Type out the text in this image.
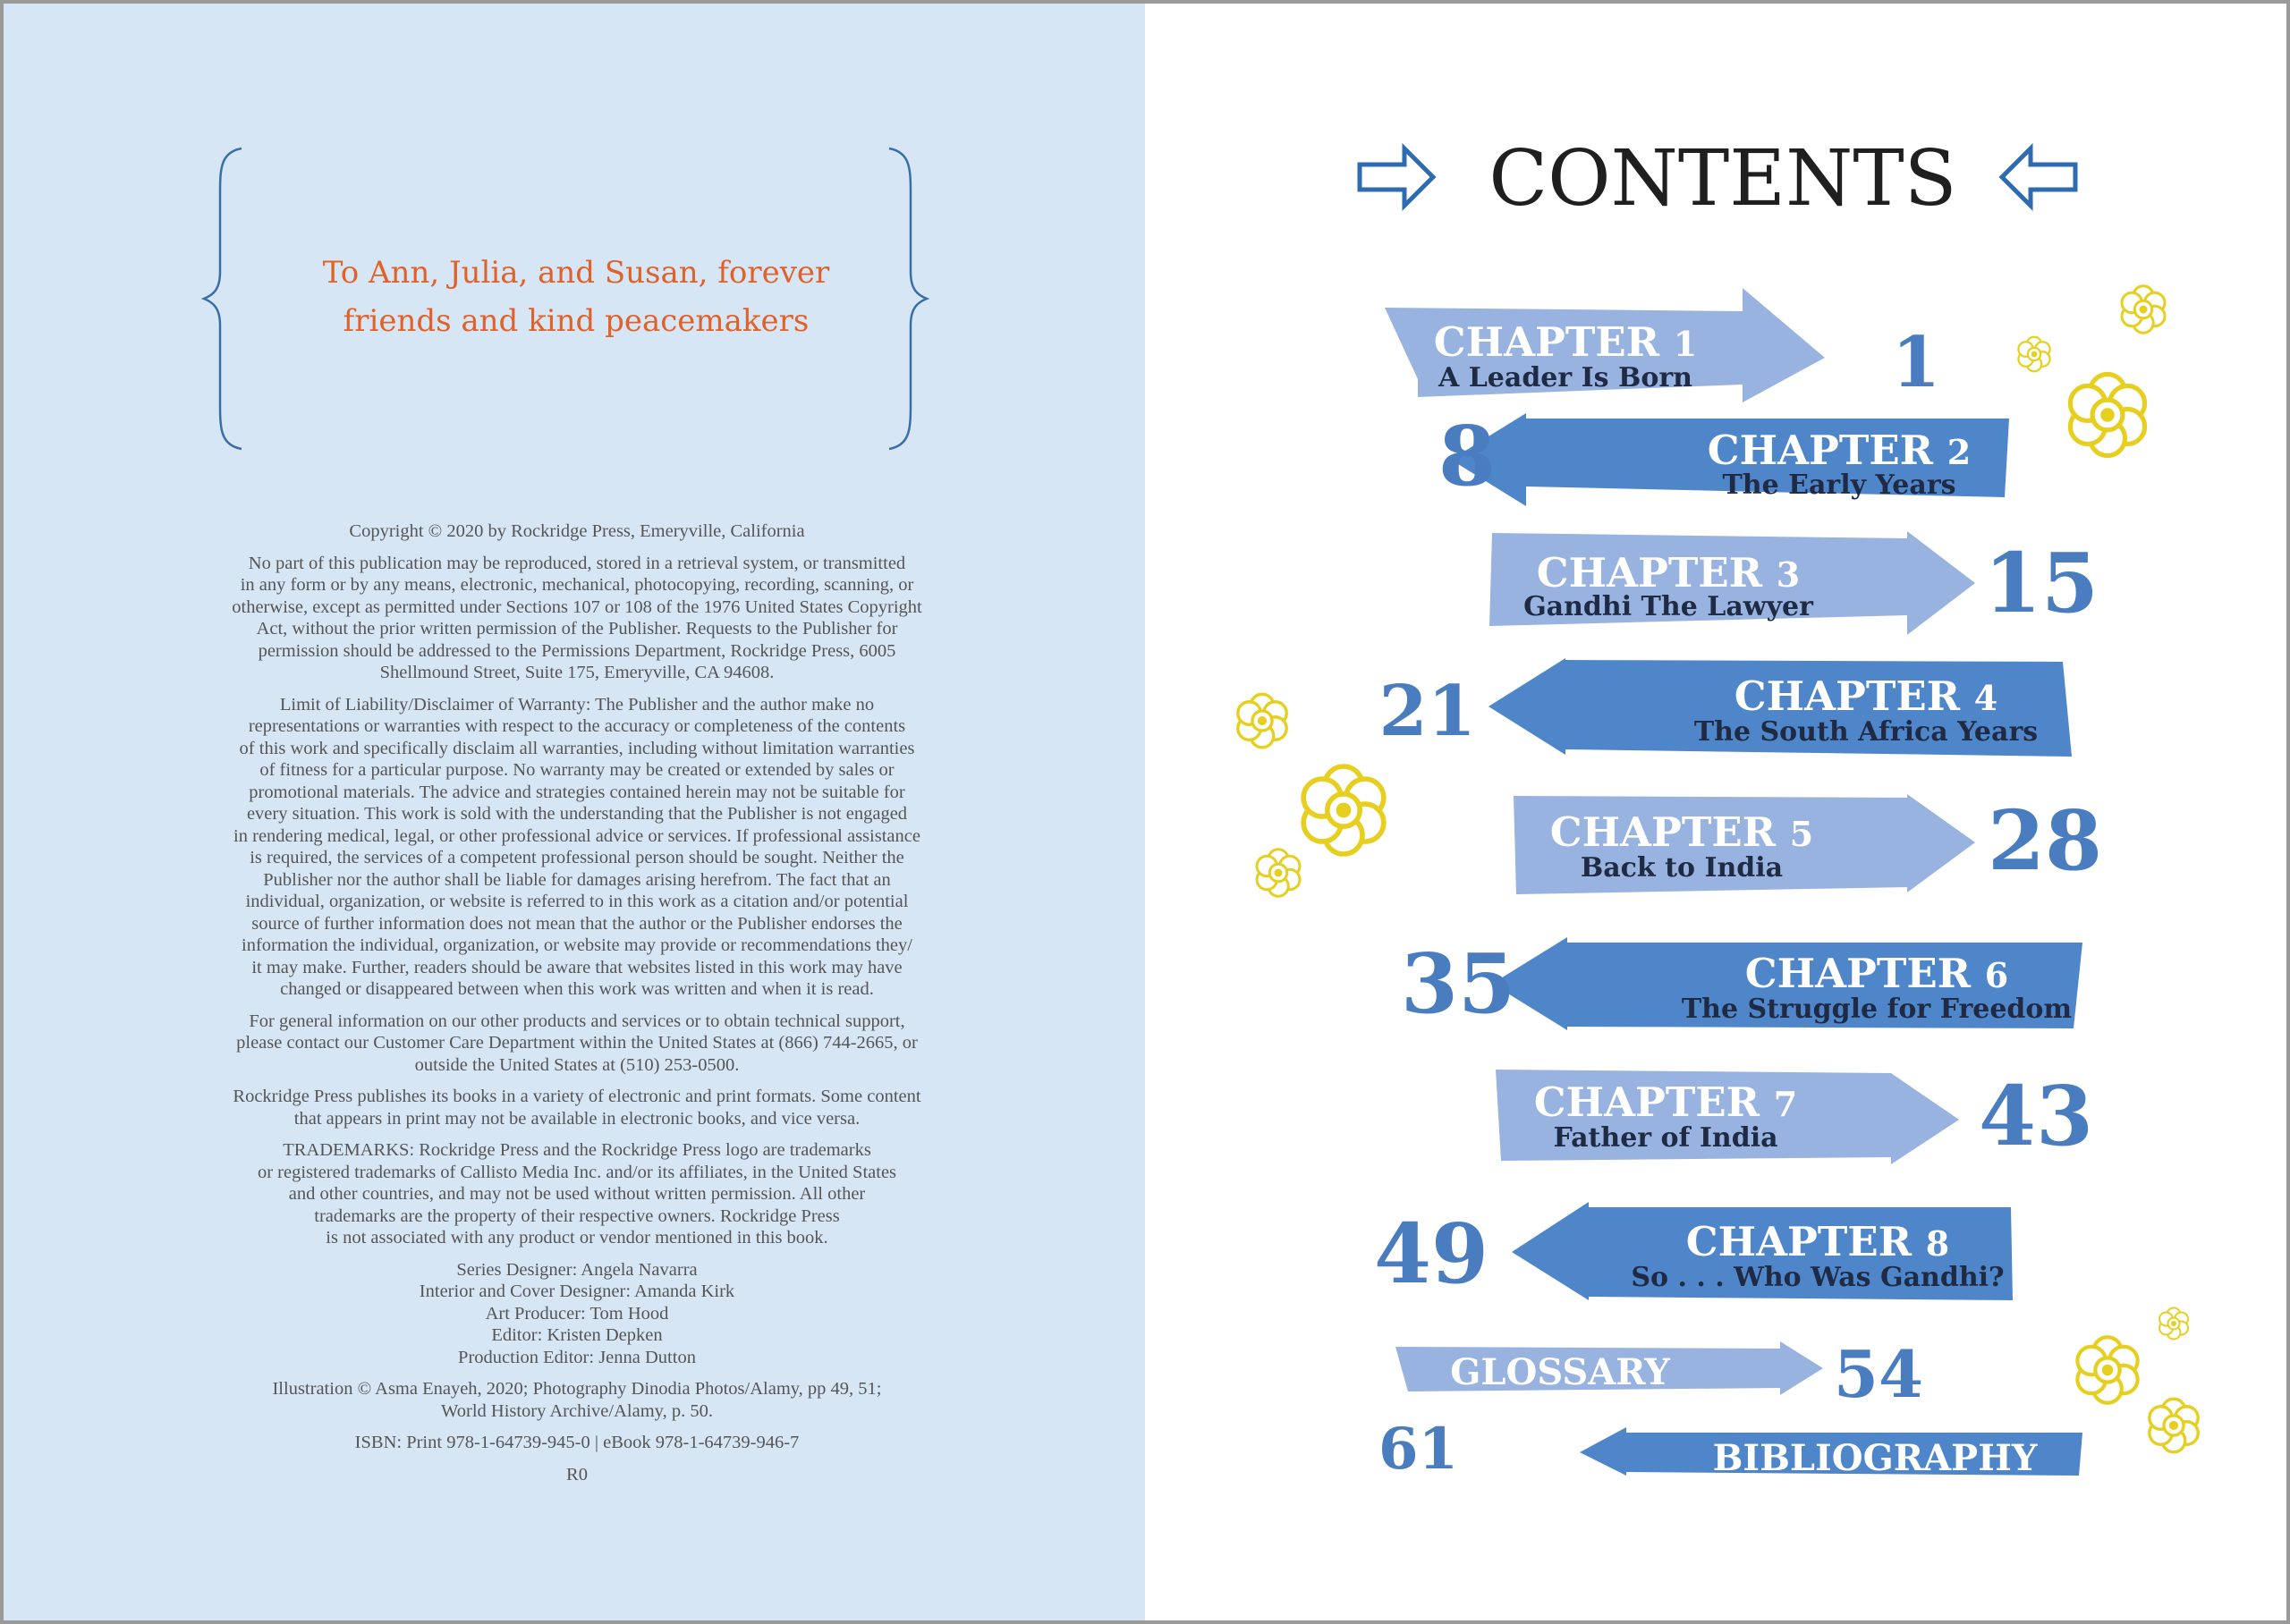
To Ann, Julia, and Susan, forever
friends and kind peacemakers

Copyright © 2020 by Rockridge Press, Emeryville, California

No part of this publication may be reproduced, stored in a retrieval system, or transmitted
in any form or by any means, electronic, mechanical, photocopying, recording, scanning, or
otherwise, except as permitted under Sections 107 or 108 of the 1976 United States Copyright
Act, without the prior written permission of the Publisher. Requests to the Publisher for
permission should be addressed to the Permissions Department, Rockridge Press, 6005
Shellmound Street, Suite 175, Emeryville, CA 94608.

Limit of Liability/Disclaimer of Warranty: The Publisher and the author make no
representations or warranties with respect to the accuracy or completeness of the contents
of this work and specifically disclaim all warranties, including without limitation warranties
of fitness for a particular purpose. No warranty may be created or extended by sales or
promotional materials. The advice and strategies contained herein may not be suitable for
every situation. This work is sold with the understanding that the Publisher is not engaged
in rendering medical, legal, or other professional advice or services. If professional assistance
is required, the services of a competent professional person should be sought. Neither the
Publisher nor the author shall be liable for damages arising herefrom. The fact that an
individual, organization, or website is referred to in this work as a citation and/or potential
source of further information does not mean that the author or the Publisher endorses the
information the individual, organization, or website may provide or recommendations they/
it may make. Further, readers should be aware that websites listed in this work may have
changed or disappeared between when this work was written and when it is read.

For general information on our other products and services or to obtain technical support,
please contact our Customer Care Department within the United States at (866) 744-2665, or
outside the United States at (510) 253-0500.

Rockridge Press publishes its books in a variety of electronic and print formats. Some content
that appears in print may not be available in electronic books, and vice versa.

TRADEMARKS: Rockridge Press and the Rockridge Press logo are trademarks
or registered trademarks of Callisto Media Inc. and/or its affiliates, in the United States
and other countries, and may not be used without written permission. All other
trademarks are the property of their respective owners. Rockridge Press
is not associated with any product or vendor mentioned in this book.

Series Designer: Angela Navarra
Interior and Cover Designer: Amanda Kirk
Art Producer: Tom Hood
Editor: Kristen Depken
Production Editor: Jenna Dutton

Illustration © Asma Enayeh, 2020; Photography Dinodia Photos/Alamy, pp 49, 51;
World History Archive/Alamy, p. 50.

ISBN: Print 978-1-64739-945-0 | eBook 978-1-64739-946-7

R0

CONTENTS
CHAPTER 1
A Leader Is Born	1
CHAPTER 2
The Early Years
8
CHAPTER 3
Gandhi The Lawyer 15
CHAPTER 4
The South Africa Years
21
CHAPTER 5
Back to India 28
CHAPTER 6
The Struggle for Freedom
35
CHAPTER 7
Father of India 43
CHAPTER 8
So . . . Who Was Gandhi?
49
GLOSSARY	54
BIBLIOGRAPHY
61
